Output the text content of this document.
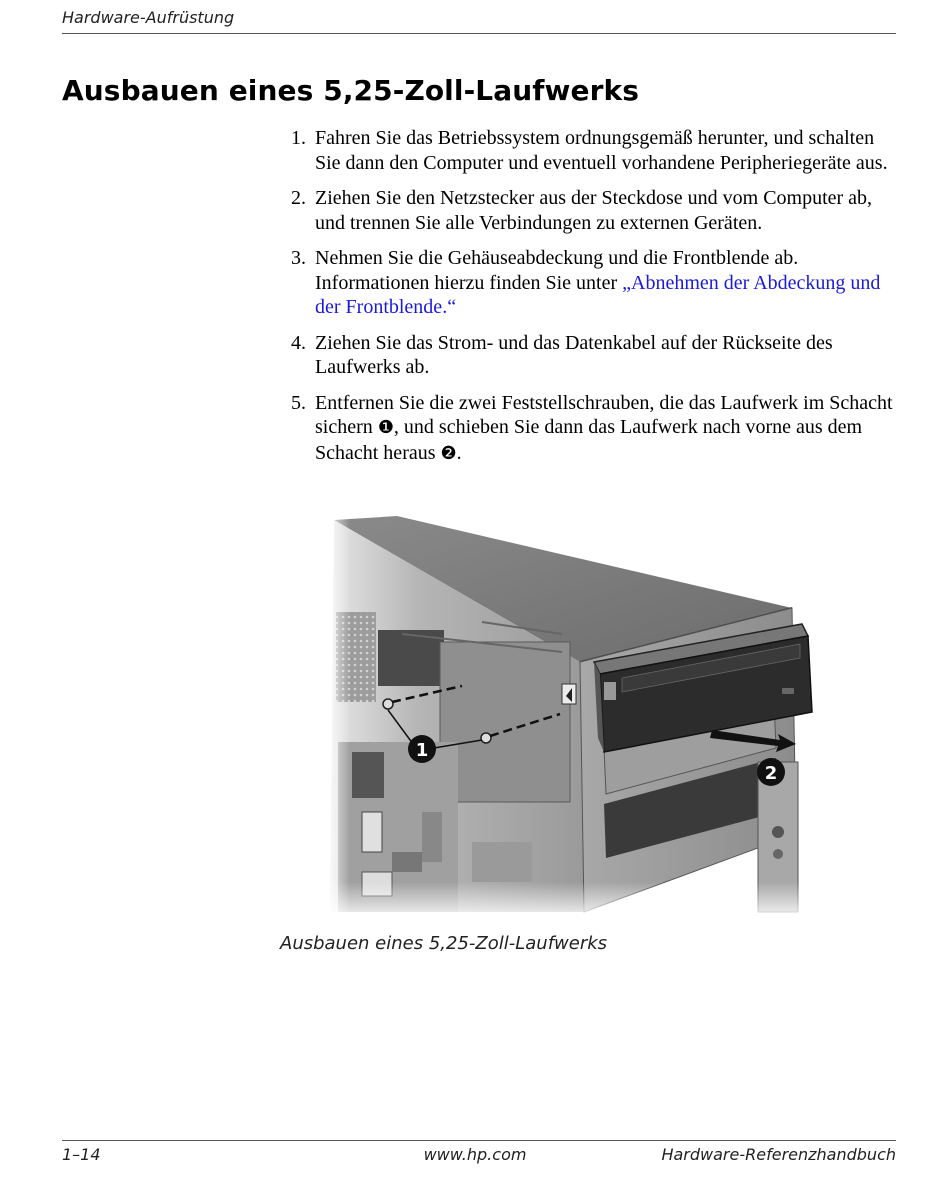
Hardware-Aufrüstung
Ausbauen eines 5,25-Zoll-Laufwerks
1. Fahren Sie das Betriebssystem ordnungsgemäß herunter, und schalten Sie dann den Computer und eventuell vorhandene Peripheriegeräte aus.
2. Ziehen Sie den Netzstecker aus der Steckdose und vom Computer ab, und trennen Sie alle Verbindungen zu externen Geräten.
3. Nehmen Sie die Gehäuseabdeckung und die Frontblende ab. Informationen hierzu finden Sie unter „Abnehmen der Abdeckung und der Frontblende.“
4. Ziehen Sie das Strom- und das Datenkabel auf der Rückseite des Laufwerks ab.
5. Entfernen Sie die zwei Feststellschrauben, die das Laufwerk im Schacht sichern ❶, und schieben Sie dann das Laufwerk nach vorne aus dem Schacht heraus ❷.
1
2
Ausbauen eines 5,25-Zoll-Laufwerks
1–14	www.hp.com	Hardware-Referenzhandbuch
